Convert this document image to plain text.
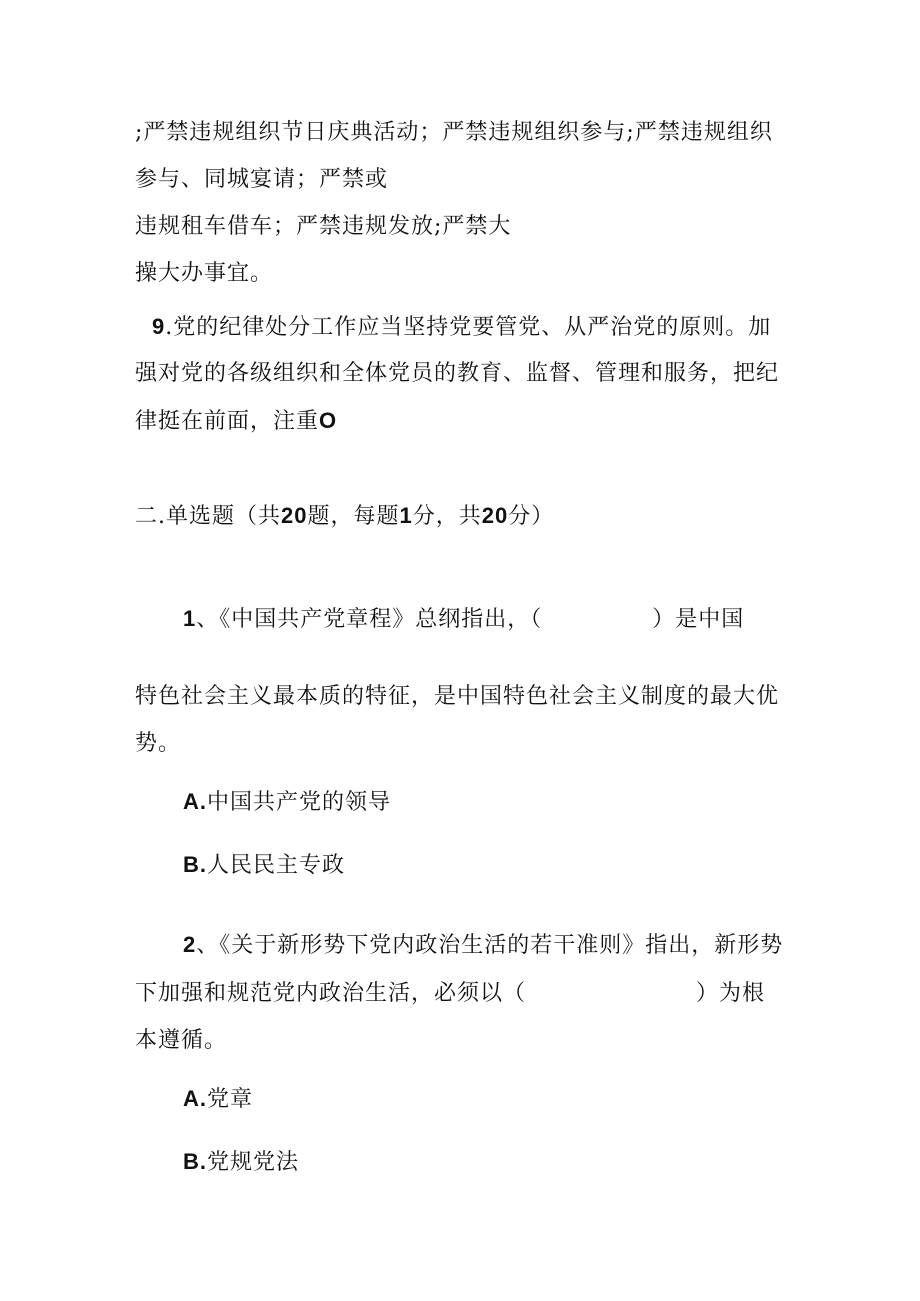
;严禁违规组织节日庆典活动；严禁违规组织参与;严禁违规组织

参与、同城宴请；严禁或

违规租车借车；严禁违规发放;严禁大

操大办事宜。

9.党的纪律处分工作应当坚持党要管党、从严治党的原则。加

强对党的各级组织和全体党员的教育、监督、管理和服务，把纪

律挺在前面，注重O

二.单选题（共20题，每题1分，共20分）

1、《中国共产党章程》总纲指出，（	）是中国

特色社会主义最本质的特征，是中国特色社会主义制度的最大优

势。

A.中国共产党的领导

B.人民民主专政

2、《关于新形势下党内政治生活的若干准则》指出，新形势

下加强和规范党内政治生活，必须以（	）为根

本遵循。

A.党章

B.党规党法
